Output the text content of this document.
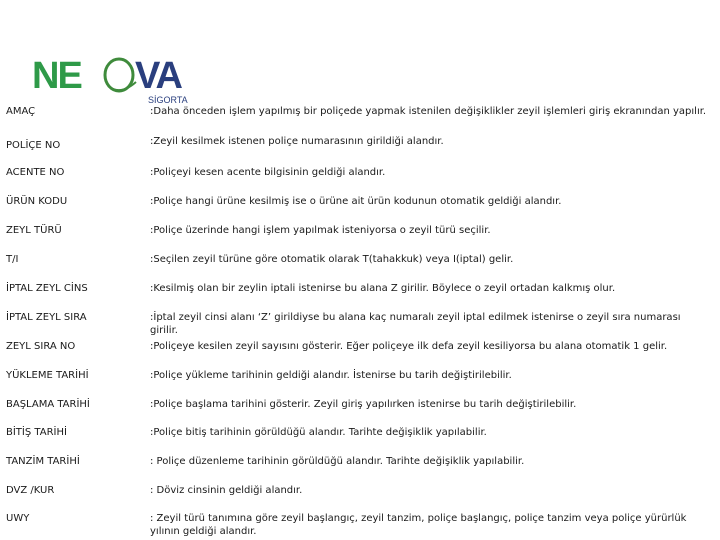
NE VA
SİGORTA
AMAÇ	:Daha önceden işlem yapılmış bir poliçede yapmak istenilen değişiklikler zeyil işlemleri giriş ekranından yapılır.
POLİÇE NO	:Zeyil kesilmek istenen poliçe numarasının girildiği alandır.
ACENTE NO	:Poliçeyi kesen acente bilgisinin geldiği alandır.
ÜRÜN KODU	:Poliçe hangi ürüne kesilmiş ise o ürüne ait ürün kodunun otomatik geldiği alandır.
ZEYL TÜRÜ	:Poliçe üzerinde hangi işlem yapılmak isteniyorsa o zeyil türü seçilir.
T/I	:Seçilen zeyil türüne göre otomatik olarak T(tahakkuk) veya I(iptal) gelir.
İPTAL ZEYL CİNS	:Kesilmiş olan bir zeylin iptali istenirse bu alana Z girilir. Böylece o zeyil ortadan kalkmış olur.
İPTAL ZEYL SIRA	:İptal zeyil cinsi alanı ‘Z’ girildiyse bu alana kaç numaralı zeyil iptal edilmek istenirse o zeyil sıra numarası girilir.
ZEYL SIRA NO	:Poliçeye kesilen zeyil sayısını gösterir. Eğer poliçeye ilk defa zeyil kesiliyorsa bu alana otomatik 1 gelir.
YÜKLEME TARİHİ	:Poliçe yükleme tarihinin geldiği alandır. İstenirse bu tarih değiştirilebilir.
BAŞLAMA TARİHİ	:Poliçe başlama tarihini gösterir. Zeyil giriş yapılırken istenirse bu tarih değiştirilebilir.
BİTİŞ TARİHİ	:Poliçe bitiş tarihinin görüldüğü alandır. Tarihte değişiklik yapılabilir.
TANZİM TARİHİ	: Poliçe düzenleme tarihinin görüldüğü alandır. Tarihte değişiklik yapılabilir.
DVZ /KUR	: Döviz cinsinin geldiği alandır.
UWY	: Zeyil türü tanımına göre zeyil başlangıç, zeyil tanzim, poliçe başlangıç, poliçe tanzim veya poliçe yürürlük yılının geldiği alandır.
